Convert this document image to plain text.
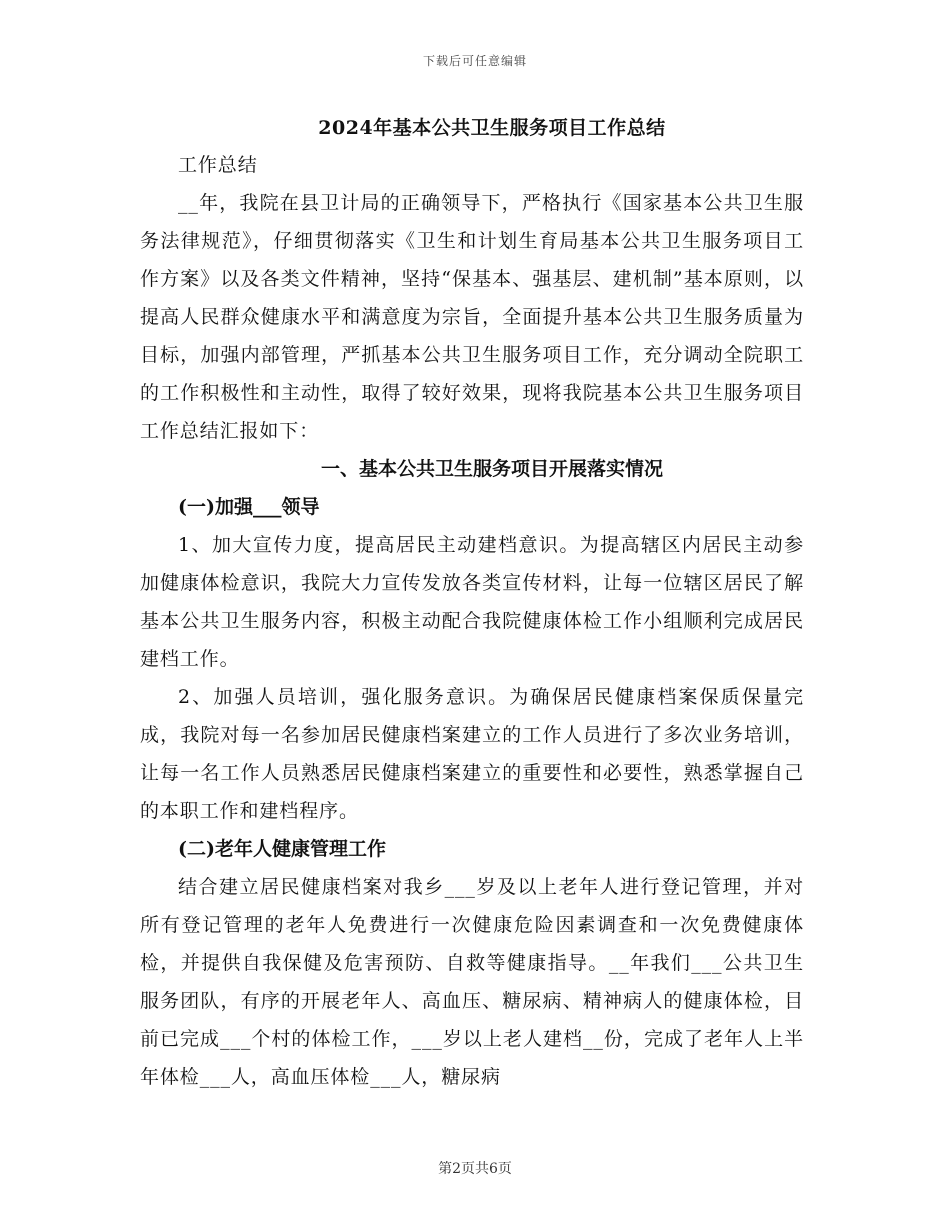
下载后可任意编辑
2024年基本公共卫生服务项目工作总结

工作总结

__年，我院在县卫计局的正确领导下，严格执行《国家基本公共卫生服务法律规范》，仔细贯彻落实《卫生和计划生育局基本公共卫生服务项目工作方案》以及各类文件精神，坚持“保基本、强基层、建机制”基本原则，以提高人民群众健康水平和满意度为宗旨，全面提升基本公共卫生服务质量为目标，加强内部管理，严抓基本公共卫生服务项目工作，充分调动全院职工的工作积极性和主动性，取得了较好效果，现将我院基本公共卫生服务项目工作总结汇报如下：

一、基本公共卫生服务项目开展落实情况

(一)加强___领导

1、加大宣传力度，提高居民主动建档意识。为提高辖区内居民主动参加健康体检意识，我院大力宣传发放各类宣传材料，让每一位辖区居民了解基本公共卫生服务内容，积极主动配合我院健康体检工作小组顺利完成居民建档工作。

2、加强人员培训，强化服务意识。为确保居民健康档案保质保量完成，我院对每一名参加居民健康档案建立的工作人员进行了多次业务培训，让每一名工作人员熟悉居民健康档案建立的重要性和必要性，熟悉掌握自己的本职工作和建档程序。

(二)老年人健康管理工作

结合建立居民健康档案对我乡___岁及以上老年人进行登记管理，并对所有登记管理的老年人免费进行一次健康危险因素调查和一次免费健康体检，并提供自我保健及危害预防、自救等健康指导。__年我们___公共卫生服务团队，有序的开展老年人、高血压、糖尿病、精神病人的健康体检，目前已完成___个村的体检工作，___岁以上老人建档__份，完成了老年人上半年体检___人，高血压体检___人，糖尿病

第2页共6页
